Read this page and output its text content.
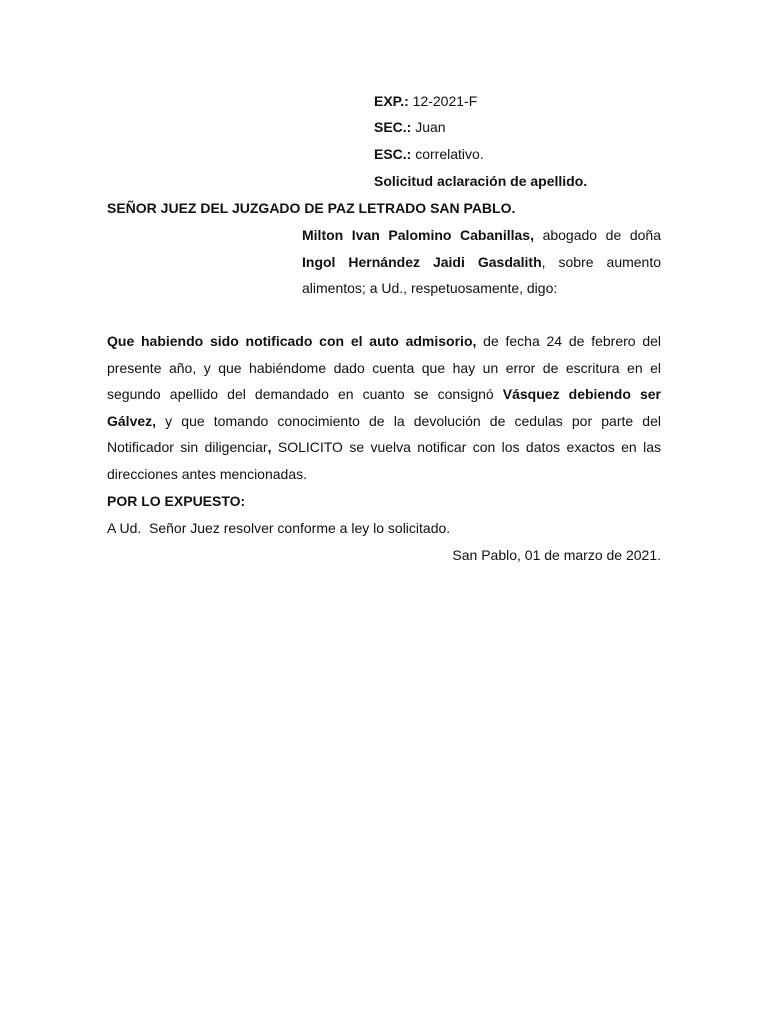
EXP.: 12-2021-F
SEC.: Juan
ESC.: correlativo.
Solicitud aclaración de apellido.
SEÑOR JUEZ DEL JUZGADO DE PAZ LETRADO SAN PABLO.
Milton Ivan Palomino Cabanillas, abogado de doña Ingol Hernández Jaidi Gasdalith, sobre aumento alimentos; a Ud., respetuosamente, digo:
Que habiendo sido notificado con el auto admisorio, de fecha 24 de febrero del presente año, y que habiéndome dado cuenta que hay un error de escritura en el segundo apellido del demandado en cuanto se consignó Vásquez debiendo ser Gálvez, y que tomando conocimiento de la devolución de cedulas por parte del Notificador sin diligenciar, SOLICITO se vuelva notificar con los datos exactos en las direcciones antes mencionadas.
POR LO EXPUESTO:
A Ud.  Señor Juez resolver conforme a ley lo solicitado.
San Pablo, 01 de marzo de 2021.
